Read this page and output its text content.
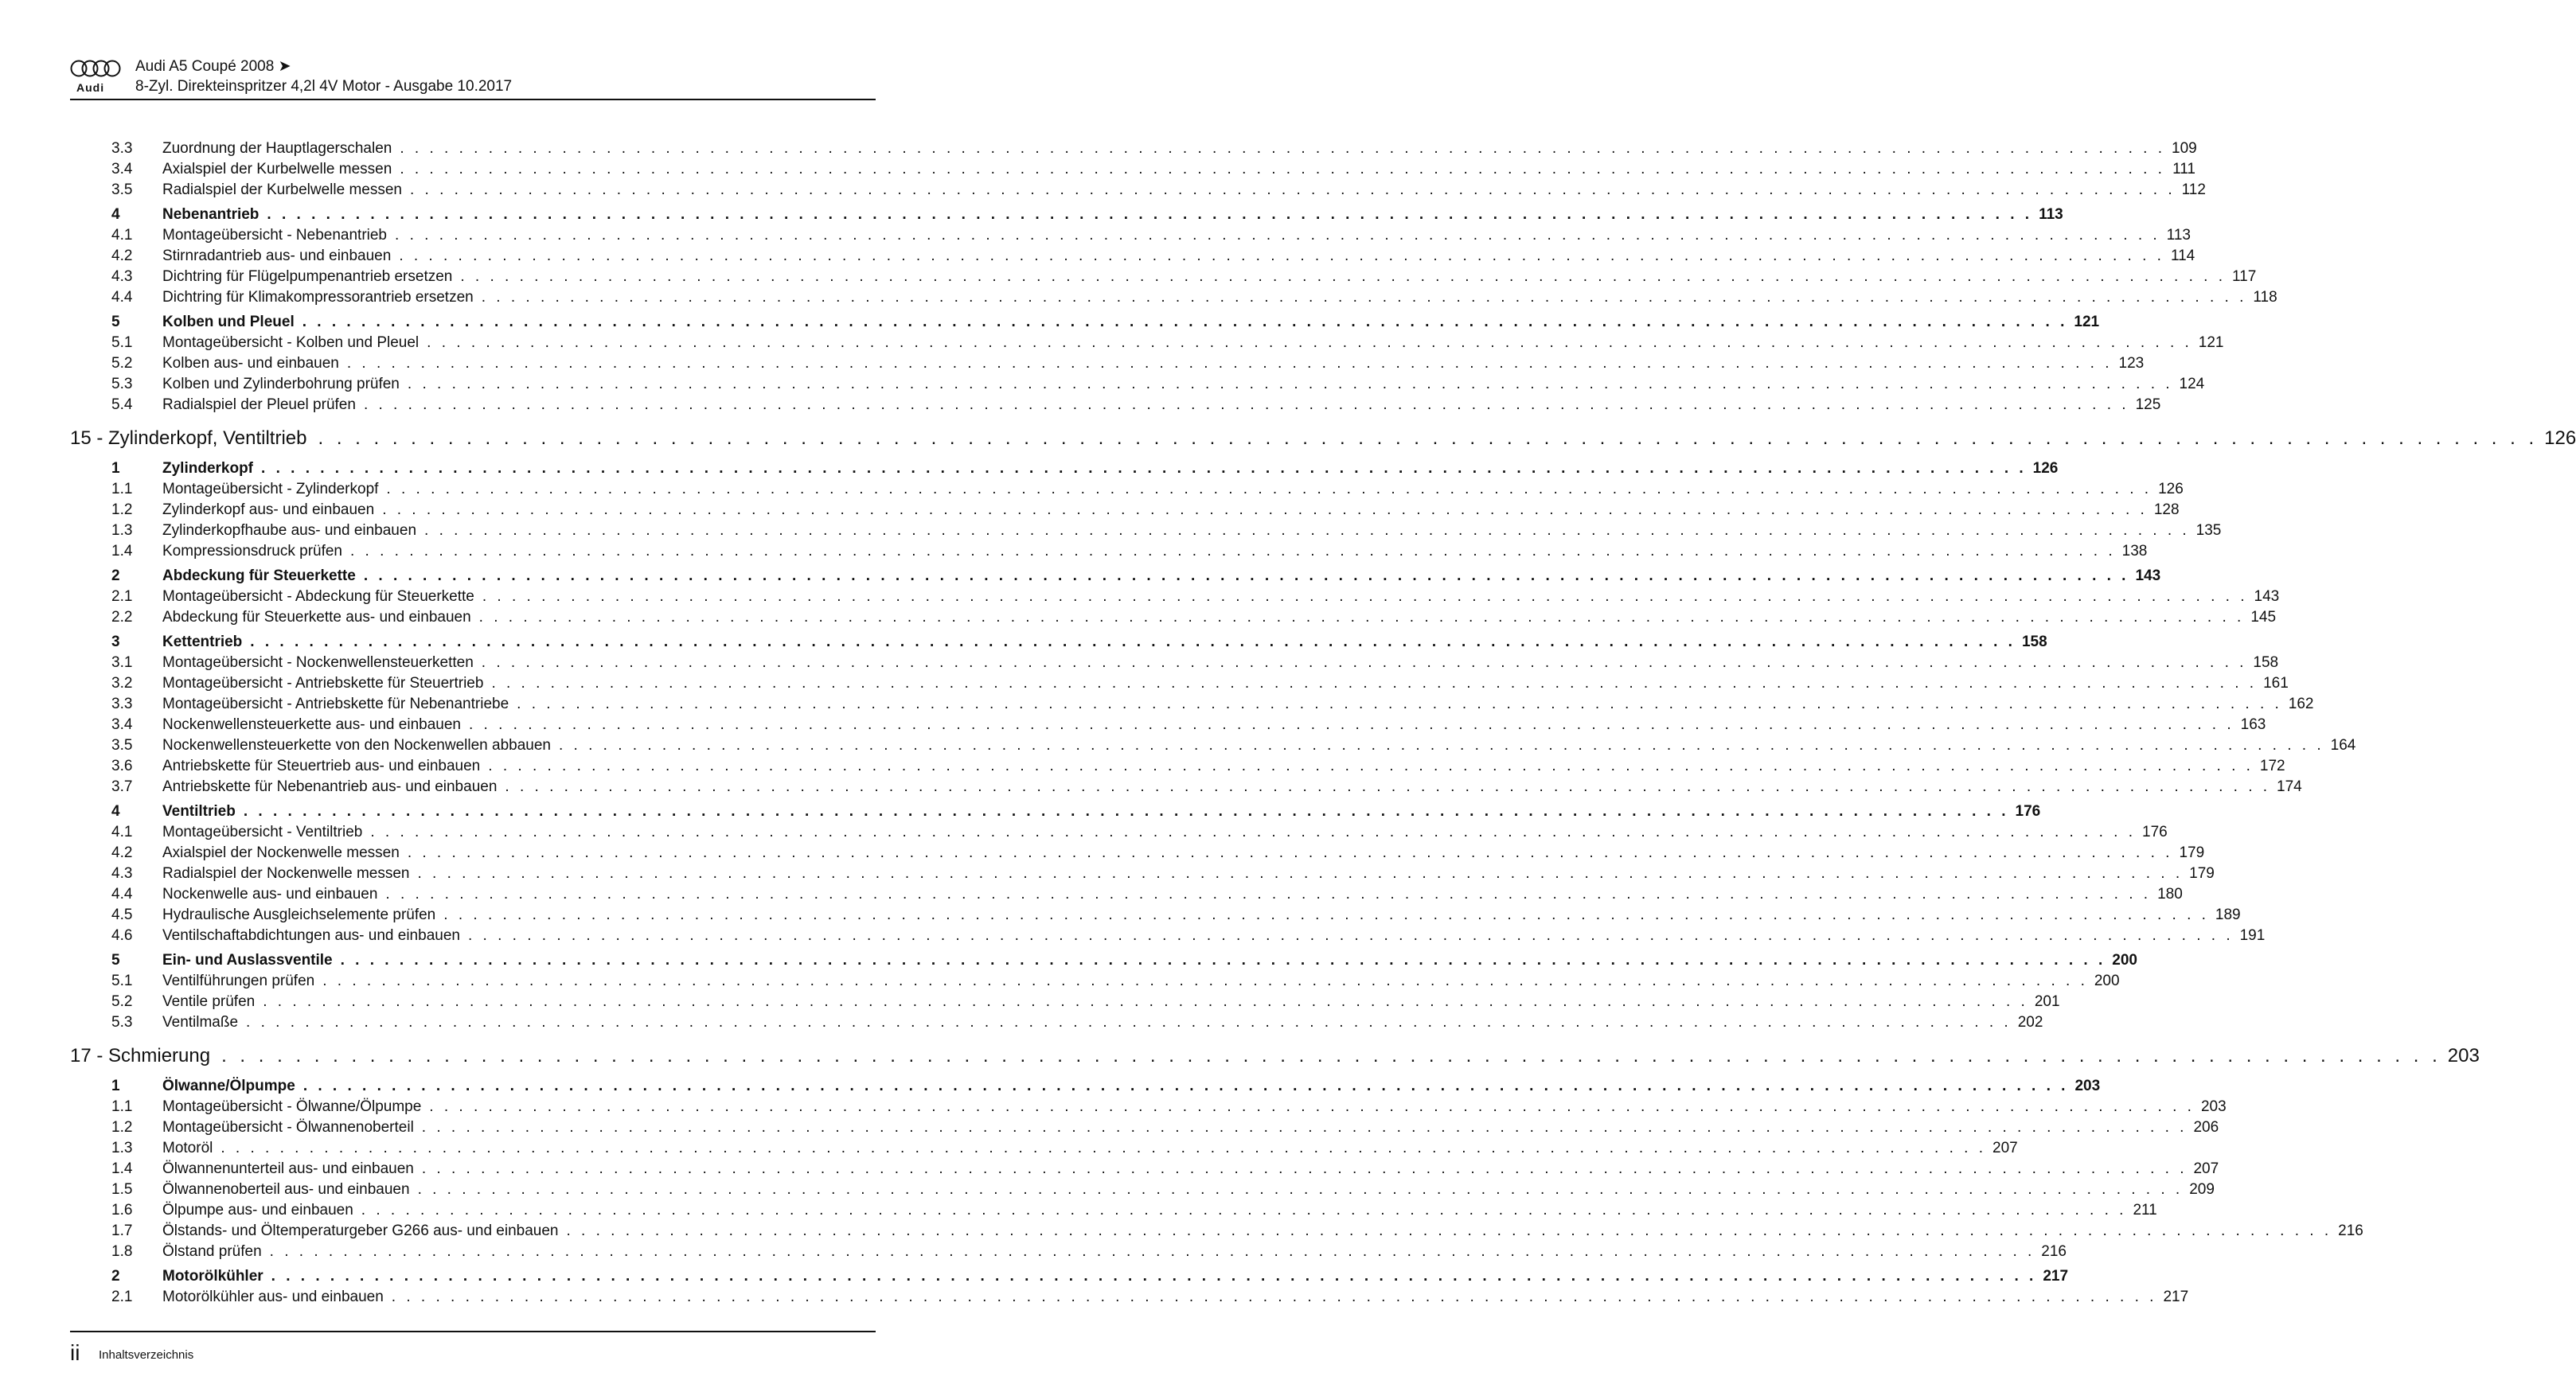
Audi
Audi A5 Coupé 2008 ➤
8-Zyl. Direkteinspritzer 4,2l 4V Motor - Ausgabe 10.2017
3.3	Zuordnung der Hauptlagerschalen . . . . . . . . . . . . . . . . . . . . . . . . . . . . . . . . . . . . . . . . . . . . . . . . . . . . . . . . . . . . . . . . . . . . . . . . . . . . . . . . . . . . . . . . . . . . . . . . . . . . . . . . . . . . . . . . . . . . . . . . 109
3.4	Axialspiel der Kurbelwelle messen . . . . . . . . . . . . . . . . . . . . . . . . . . . . . . . . . . . . . . . . . . . . . . . . . . . . . . . . . . . . . . . . . . . . . . . . . . . . . . . . . . . . . . . . . . . . . . . . . . . . . . . . . . . . . . . . . . . . . . . . 111
3.5	Radialspiel der Kurbelwelle messen . . . . . . . . . . . . . . . . . . . . . . . . . . . . . . . . . . . . . . . . . . . . . . . . . . . . . . . . . . . . . . . . . . . . . . . . . . . . . . . . . . . . . . . . . . . . . . . . . . . . . . . . . . . . . . . . . . . . . . . . 112
4	Nebenantrieb . . . . . . . . . . . . . . . . . . . . . . . . . . . . . . . . . . . . . . . . . . . . . . . . . . . . . . . . . . . . . . . . . . . . . . . . . . . . . . . . . . . . . . . . . . . . . . . . . . . . . . . . . . . . . . . . . . . . . . . . 113
4.1	Montageübersicht - Nebenantrieb . . . . . . . . . . . . . . . . . . . . . . . . . . . . . . . . . . . . . . . . . . . . . . . . . . . . . . . . . . . . . . . . . . . . . . . . . . . . . . . . . . . . . . . . . . . . . . . . . . . . . . . . . . . . . . . . . . . . . . . . 113
4.2	Stirnradantrieb aus- und einbauen . . . . . . . . . . . . . . . . . . . . . . . . . . . . . . . . . . . . . . . . . . . . . . . . . . . . . . . . . . . . . . . . . . . . . . . . . . . . . . . . . . . . . . . . . . . . . . . . . . . . . . . . . . . . . . . . . . . . . . . . 114
4.3	Dichtring für Flügelpumpenantrieb ersetzen . . . . . . . . . . . . . . . . . . . . . . . . . . . . . . . . . . . . . . . . . . . . . . . . . . . . . . . . . . . . . . . . . . . . . . . . . . . . . . . . . . . . . . . . . . . . . . . . . . . . . . . . . . . . . . . . . . . . . . . . 117
4.4	Dichtring für Klimakompressorantrieb ersetzen . . . . . . . . . . . . . . . . . . . . . . . . . . . . . . . . . . . . . . . . . . . . . . . . . . . . . . . . . . . . . . . . . . . . . . . . . . . . . . . . . . . . . . . . . . . . . . . . . . . . . . . . . . . . . . . . . . . . . . . . 118
5	Kolben und Pleuel . . . . . . . . . . . . . . . . . . . . . . . . . . . . . . . . . . . . . . . . . . . . . . . . . . . . . . . . . . . . . . . . . . . . . . . . . . . . . . . . . . . . . . . . . . . . . . . . . . . . . . . . . . . . . . . . . . . . . . . . 121
5.1	Montageübersicht - Kolben und Pleuel . . . . . . . . . . . . . . . . . . . . . . . . . . . . . . . . . . . . . . . . . . . . . . . . . . . . . . . . . . . . . . . . . . . . . . . . . . . . . . . . . . . . . . . . . . . . . . . . . . . . . . . . . . . . . . . . . . . . . . . . 121
5.2	Kolben aus- und einbauen . . . . . . . . . . . . . . . . . . . . . . . . . . . . . . . . . . . . . . . . . . . . . . . . . . . . . . . . . . . . . . . . . . . . . . . . . . . . . . . . . . . . . . . . . . . . . . . . . . . . . . . . . . . . . . . . . . . . . . . . 123
5.3	Kolben und Zylinderbohrung prüfen . . . . . . . . . . . . . . . . . . . . . . . . . . . . . . . . . . . . . . . . . . . . . . . . . . . . . . . . . . . . . . . . . . . . . . . . . . . . . . . . . . . . . . . . . . . . . . . . . . . . . . . . . . . . . . . . . . . . . . . . 124
5.4	Radialspiel der Pleuel prüfen . . . . . . . . . . . . . . . . . . . . . . . . . . . . . . . . . . . . . . . . . . . . . . . . . . . . . . . . . . . . . . . . . . . . . . . . . . . . . . . . . . . . . . . . . . . . . . . . . . . . . . . . . . . . . . . . . . . . . . . . 125
15 - Zylinderkopf, Ventiltrieb . . . . . . . . . . . . . . . . . . . . . . . . . . . . . . . . . . . . . . . . . . . . . . . . . . . . . . . . . . . . . . . . . . . . . . . . . . . . . . . . . . . . . . . . . . . . . . . . . . . . . . . . . . . . . . . . . . . . . . . . 126
1	Zylinderkopf . . . . . . . . . . . . . . . . . . . . . . . . . . . . . . . . . . . . . . . . . . . . . . . . . . . . . . . . . . . . . . . . . . . . . . . . . . . . . . . . . . . . . . . . . . . . . . . . . . . . . . . . . . . . . . . . . . . . . . . . 126
1.1	Montageübersicht - Zylinderkopf . . . . . . . . . . . . . . . . . . . . . . . . . . . . . . . . . . . . . . . . . . . . . . . . . . . . . . . . . . . . . . . . . . . . . . . . . . . . . . . . . . . . . . . . . . . . . . . . . . . . . . . . . . . . . . . . . . . . . . . . 126
1.2	Zylinderkopf aus- und einbauen . . . . . . . . . . . . . . . . . . . . . . . . . . . . . . . . . . . . . . . . . . . . . . . . . . . . . . . . . . . . . . . . . . . . . . . . . . . . . . . . . . . . . . . . . . . . . . . . . . . . . . . . . . . . . . . . . . . . . . . . 128
1.3	Zylinderkopfhaube aus- und einbauen . . . . . . . . . . . . . . . . . . . . . . . . . . . . . . . . . . . . . . . . . . . . . . . . . . . . . . . . . . . . . . . . . . . . . . . . . . . . . . . . . . . . . . . . . . . . . . . . . . . . . . . . . . . . . . . . . . . . . . . . 135
1.4	Kompressionsdruck prüfen . . . . . . . . . . . . . . . . . . . . . . . . . . . . . . . . . . . . . . . . . . . . . . . . . . . . . . . . . . . . . . . . . . . . . . . . . . . . . . . . . . . . . . . . . . . . . . . . . . . . . . . . . . . . . . . . . . . . . . . . 138
2	Abdeckung für Steuerkette . . . . . . . . . . . . . . . . . . . . . . . . . . . . . . . . . . . . . . . . . . . . . . . . . . . . . . . . . . . . . . . . . . . . . . . . . . . . . . . . . . . . . . . . . . . . . . . . . . . . . . . . . . . . . . . . . . . . . . . . 143
2.1	Montageübersicht - Abdeckung für Steuerkette . . . . . . . . . . . . . . . . . . . . . . . . . . . . . . . . . . . . . . . . . . . . . . . . . . . . . . . . . . . . . . . . . . . . . . . . . . . . . . . . . . . . . . . . . . . . . . . . . . . . . . . . . . . . . . . . . . . . . . . . 143
2.2	Abdeckung für Steuerkette aus- und einbauen . . . . . . . . . . . . . . . . . . . . . . . . . . . . . . . . . . . . . . . . . . . . . . . . . . . . . . . . . . . . . . . . . . . . . . . . . . . . . . . . . . . . . . . . . . . . . . . . . . . . . . . . . . . . . . . . . . . . . . . . 145
3	Kettentrieb . . . . . . . . . . . . . . . . . . . . . . . . . . . . . . . . . . . . . . . . . . . . . . . . . . . . . . . . . . . . . . . . . . . . . . . . . . . . . . . . . . . . . . . . . . . . . . . . . . . . . . . . . . . . . . . . . . . . . . . . 158
3.1	Montageübersicht - Nockenwellensteuerketten . . . . . . . . . . . . . . . . . . . . . . . . . . . . . . . . . . . . . . . . . . . . . . . . . . . . . . . . . . . . . . . . . . . . . . . . . . . . . . . . . . . . . . . . . . . . . . . . . . . . . . . . . . . . . . . . . . . . . . . . 158
3.2	Montageübersicht - Antriebskette für Steuertrieb . . . . . . . . . . . . . . . . . . . . . . . . . . . . . . . . . . . . . . . . . . . . . . . . . . . . . . . . . . . . . . . . . . . . . . . . . . . . . . . . . . . . . . . . . . . . . . . . . . . . . . . . . . . . . . . . . . . . . . . . 161
3.3	Montageübersicht - Antriebskette für Nebenantriebe . . . . . . . . . . . . . . . . . . . . . . . . . . . . . . . . . . . . . . . . . . . . . . . . . . . . . . . . . . . . . . . . . . . . . . . . . . . . . . . . . . . . . . . . . . . . . . . . . . . . . . . . . . . . . . . . . . . . . . . . 162
3.4	Nockenwellensteuerkette aus- und einbauen . . . . . . . . . . . . . . . . . . . . . . . . . . . . . . . . . . . . . . . . . . . . . . . . . . . . . . . . . . . . . . . . . . . . . . . . . . . . . . . . . . . . . . . . . . . . . . . . . . . . . . . . . . . . . . . . . . . . . . . . 163
3.5	Nockenwellensteuerkette von den Nockenwellen abbauen . . . . . . . . . . . . . . . . . . . . . . . . . . . . . . . . . . . . . . . . . . . . . . . . . . . . . . . . . . . . . . . . . . . . . . . . . . . . . . . . . . . . . . . . . . . . . . . . . . . . . . . . . . . . . . . . . . . . . . . . 164
3.6	Antriebskette für Steuertrieb aus- und einbauen . . . . . . . . . . . . . . . . . . . . . . . . . . . . . . . . . . . . . . . . . . . . . . . . . . . . . . . . . . . . . . . . . . . . . . . . . . . . . . . . . . . . . . . . . . . . . . . . . . . . . . . . . . . . . . . . . . . . . . . . 172
3.7	Antriebskette für Nebenantrieb aus- und einbauen . . . . . . . . . . . . . . . . . . . . . . . . . . . . . . . . . . . . . . . . . . . . . . . . . . . . . . . . . . . . . . . . . . . . . . . . . . . . . . . . . . . . . . . . . . . . . . . . . . . . . . . . . . . . . . . . . . . . . . . . 174
4	Ventiltrieb . . . . . . . . . . . . . . . . . . . . . . . . . . . . . . . . . . . . . . . . . . . . . . . . . . . . . . . . . . . . . . . . . . . . . . . . . . . . . . . . . . . . . . . . . . . . . . . . . . . . . . . . . . . . . . . . . . . . . . . . 176
4.1	Montageübersicht - Ventiltrieb . . . . . . . . . . . . . . . . . . . . . . . . . . . . . . . . . . . . . . . . . . . . . . . . . . . . . . . . . . . . . . . . . . . . . . . . . . . . . . . . . . . . . . . . . . . . . . . . . . . . . . . . . . . . . . . . . . . . . . . . 176
4.2	Axialspiel der Nockenwelle messen . . . . . . . . . . . . . . . . . . . . . . . . . . . . . . . . . . . . . . . . . . . . . . . . . . . . . . . . . . . . . . . . . . . . . . . . . . . . . . . . . . . . . . . . . . . . . . . . . . . . . . . . . . . . . . . . . . . . . . . . 179
4.3	Radialspiel der Nockenwelle messen . . . . . . . . . . . . . . . . . . . . . . . . . . . . . . . . . . . . . . . . . . . . . . . . . . . . . . . . . . . . . . . . . . . . . . . . . . . . . . . . . . . . . . . . . . . . . . . . . . . . . . . . . . . . . . . . . . . . . . . . 179
4.4	Nockenwelle aus- und einbauen . . . . . . . . . . . . . . . . . . . . . . . . . . . . . . . . . . . . . . . . . . . . . . . . . . . . . . . . . . . . . . . . . . . . . . . . . . . . . . . . . . . . . . . . . . . . . . . . . . . . . . . . . . . . . . . . . . . . . . . . 180
4.5	Hydraulische Ausgleichselemente prüfen . . . . . . . . . . . . . . . . . . . . . . . . . . . . . . . . . . . . . . . . . . . . . . . . . . . . . . . . . . . . . . . . . . . . . . . . . . . . . . . . . . . . . . . . . . . . . . . . . . . . . . . . . . . . . . . . . . . . . . . . 189
4.6	Ventilschaftabdichtungen aus- und einbauen . . . . . . . . . . . . . . . . . . . . . . . . . . . . . . . . . . . . . . . . . . . . . . . . . . . . . . . . . . . . . . . . . . . . . . . . . . . . . . . . . . . . . . . . . . . . . . . . . . . . . . . . . . . . . . . . . . . . . . . . 191
5	Ein- und Auslassventile . . . . . . . . . . . . . . . . . . . . . . . . . . . . . . . . . . . . . . . . . . . . . . . . . . . . . . . . . . . . . . . . . . . . . . . . . . . . . . . . . . . . . . . . . . . . . . . . . . . . . . . . . . . . . . . . . . . . . . . . 200
5.1	Ventilführungen prüfen . . . . . . . . . . . . . . . . . . . . . . . . . . . . . . . . . . . . . . . . . . . . . . . . . . . . . . . . . . . . . . . . . . . . . . . . . . . . . . . . . . . . . . . . . . . . . . . . . . . . . . . . . . . . . . . . . . . . . . . . 200
5.2	Ventile prüfen . . . . . . . . . . . . . . . . . . . . . . . . . . . . . . . . . . . . . . . . . . . . . . . . . . . . . . . . . . . . . . . . . . . . . . . . . . . . . . . . . . . . . . . . . . . . . . . . . . . . . . . . . . . . . . . . . . . . . . . . 201
5.3	Ventilmaße . . . . . . . . . . . . . . . . . . . . . . . . . . . . . . . . . . . . . . . . . . . . . . . . . . . . . . . . . . . . . . . . . . . . . . . . . . . . . . . . . . . . . . . . . . . . . . . . . . . . . . . . . . . . . . . . . . . . . . . . 202
17 - Schmierung . . . . . . . . . . . . . . . . . . . . . . . . . . . . . . . . . . . . . . . . . . . . . . . . . . . . . . . . . . . . . . . . . . . . . . . . . . . . . . . . . . . . . . . . . . . . . . . . . . . . . . . . . . . . . . . . . . . . . . . . 203
1	Ölwanne/Ölpumpe . . . . . . . . . . . . . . . . . . . . . . . . . . . . . . . . . . . . . . . . . . . . . . . . . . . . . . . . . . . . . . . . . . . . . . . . . . . . . . . . . . . . . . . . . . . . . . . . . . . . . . . . . . . . . . . . . . . . . . . . 203
1.1	Montageübersicht - Ölwanne/Ölpumpe . . . . . . . . . . . . . . . . . . . . . . . . . . . . . . . . . . . . . . . . . . . . . . . . . . . . . . . . . . . . . . . . . . . . . . . . . . . . . . . . . . . . . . . . . . . . . . . . . . . . . . . . . . . . . . . . . . . . . . . . 203
1.2	Montageübersicht - Ölwannenoberteil . . . . . . . . . . . . . . . . . . . . . . . . . . . . . . . . . . . . . . . . . . . . . . . . . . . . . . . . . . . . . . . . . . . . . . . . . . . . . . . . . . . . . . . . . . . . . . . . . . . . . . . . . . . . . . . . . . . . . . . . 206
1.3	Motoröl . . . . . . . . . . . . . . . . . . . . . . . . . . . . . . . . . . . . . . . . . . . . . . . . . . . . . . . . . . . . . . . . . . . . . . . . . . . . . . . . . . . . . . . . . . . . . . . . . . . . . . . . . . . . . . . . . . . . . . . . 207
1.4	Ölwannenunterteil aus- und einbauen . . . . . . . . . . . . . . . . . . . . . . . . . . . . . . . . . . . . . . . . . . . . . . . . . . . . . . . . . . . . . . . . . . . . . . . . . . . . . . . . . . . . . . . . . . . . . . . . . . . . . . . . . . . . . . . . . . . . . . . . 207
1.5	Ölwannenoberteil aus- und einbauen . . . . . . . . . . . . . . . . . . . . . . . . . . . . . . . . . . . . . . . . . . . . . . . . . . . . . . . . . . . . . . . . . . . . . . . . . . . . . . . . . . . . . . . . . . . . . . . . . . . . . . . . . . . . . . . . . . . . . . . . 209
1.6	Ölpumpe aus- und einbauen . . . . . . . . . . . . . . . . . . . . . . . . . . . . . . . . . . . . . . . . . . . . . . . . . . . . . . . . . . . . . . . . . . . . . . . . . . . . . . . . . . . . . . . . . . . . . . . . . . . . . . . . . . . . . . . . . . . . . . . . 211
1.7	Ölstands- und Öltemperaturgeber G266 aus- und einbauen . . . . . . . . . . . . . . . . . . . . . . . . . . . . . . . . . . . . . . . . . . . . . . . . . . . . . . . . . . . . . . . . . . . . . . . . . . . . . . . . . . . . . . . . . . . . . . . . . . . . . . . . . . . . . . . . . . . . . . . . 216
1.8	Ölstand prüfen . . . . . . . . . . . . . . . . . . . . . . . . . . . . . . . . . . . . . . . . . . . . . . . . . . . . . . . . . . . . . . . . . . . . . . . . . . . . . . . . . . . . . . . . . . . . . . . . . . . . . . . . . . . . . . . . . . . . . . . . 216
2	Motorölkühler . . . . . . . . . . . . . . . . . . . . . . . . . . . . . . . . . . . . . . . . . . . . . . . . . . . . . . . . . . . . . . . . . . . . . . . . . . . . . . . . . . . . . . . . . . . . . . . . . . . . . . . . . . . . . . . . . . . . . . . . 217
2.1	Motorölkühler aus- und einbauen . . . . . . . . . . . . . . . . . . . . . . . . . . . . . . . . . . . . . . . . . . . . . . . . . . . . . . . . . . . . . . . . . . . . . . . . . . . . . . . . . . . . . . . . . . . . . . . . . . . . . . . . . . . . . . . . . . . . . . . . 217
ii Inhaltsverzeichnis
